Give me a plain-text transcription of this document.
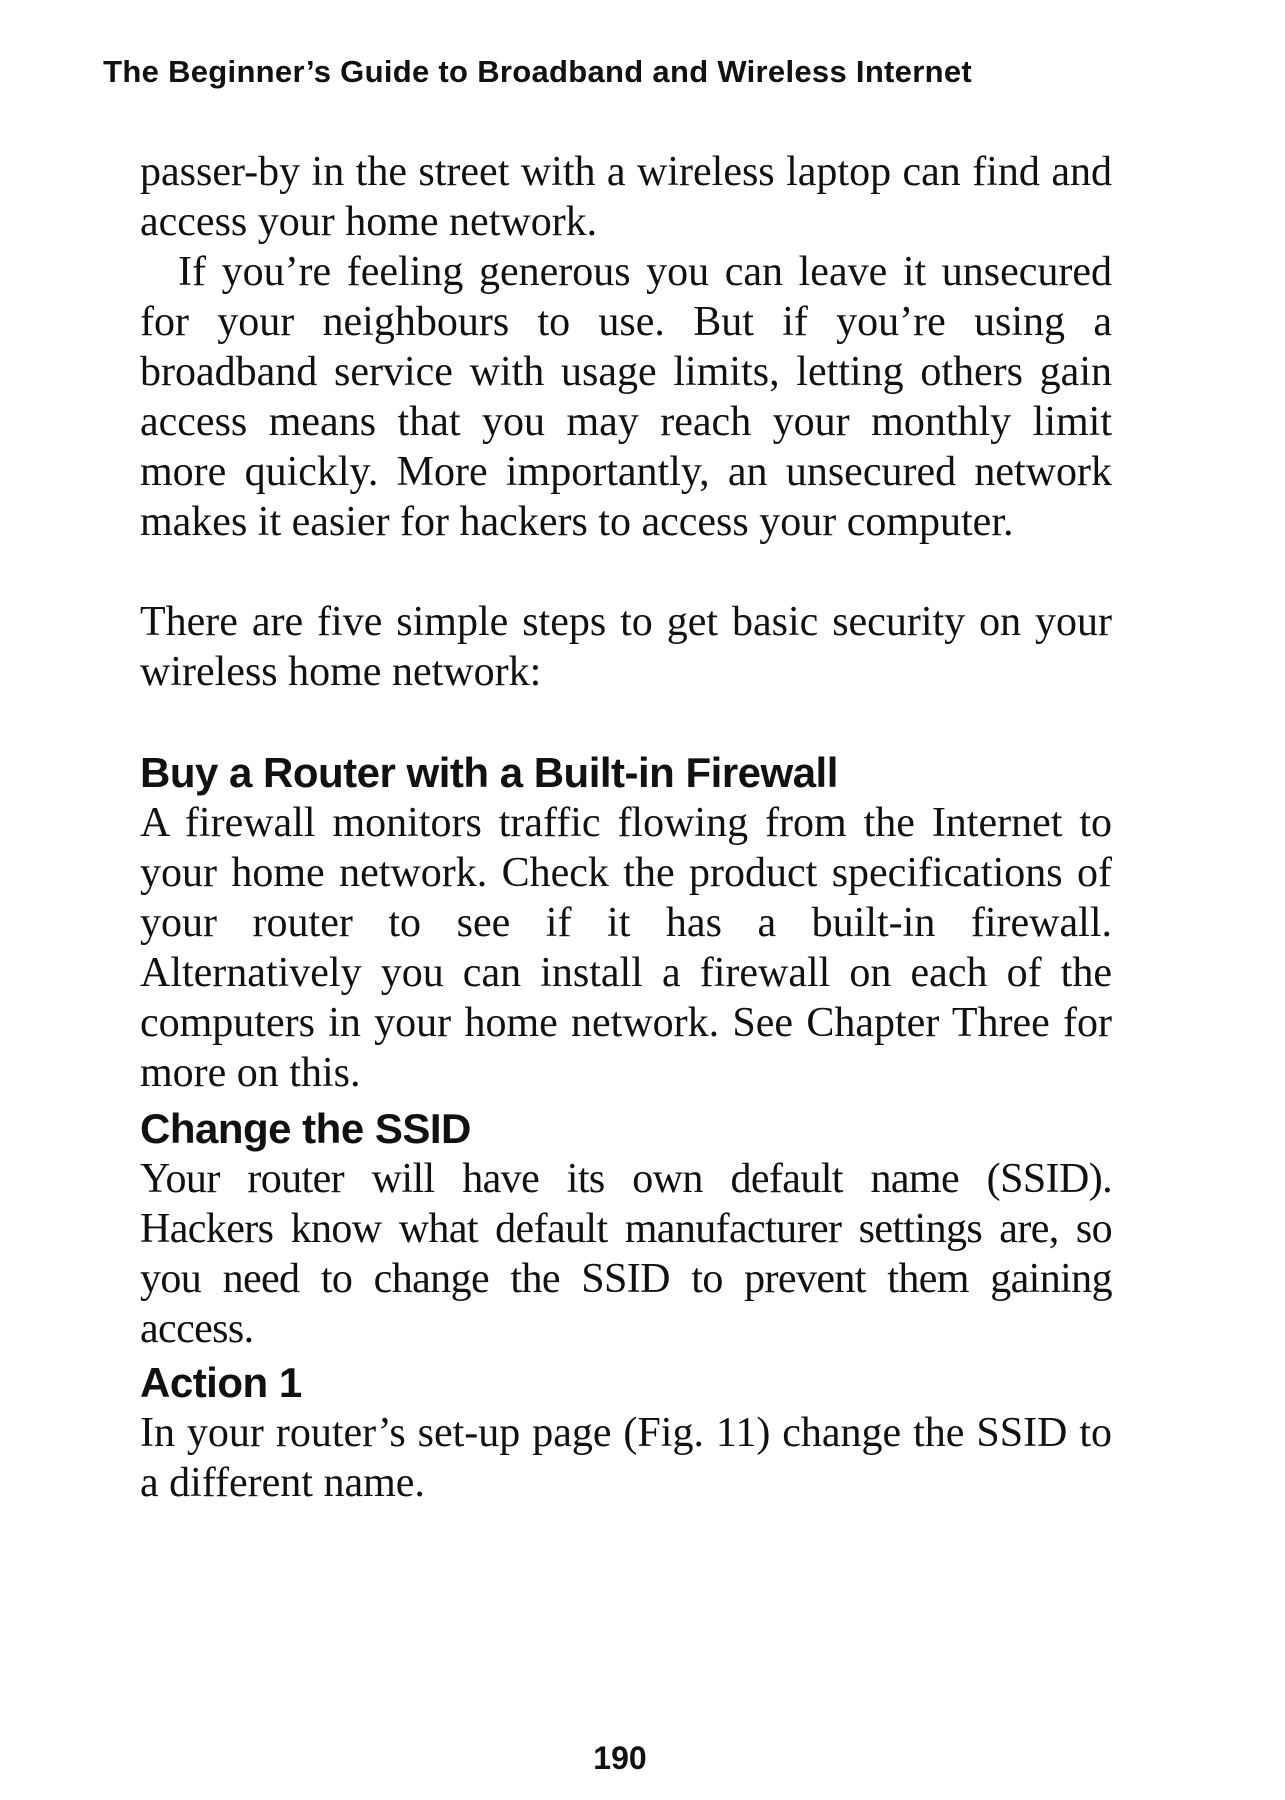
The Beginner’s Guide to Broadband and Wireless Internet

passer-by in the street with a wireless laptop can find and access your home network.

If you’re feeling generous you can leave it unsecured for your neighbours to use. But if you’re using a broadband service with usage limits, letting others gain access means that you may reach your monthly limit more quickly. More importantly, an unsecured network makes it easier for hackers to access your computer.

There are five simple steps to get basic security on your wireless home network:

Buy a Router with a Built-in Firewall

A firewall monitors traffic flowing from the Internet to your home network. Check the product specifications of your router to see if it has a built-in firewall. Alternatively you can install a firewall on each of the computers in your home network. See Chapter Three for more on this.

Change the SSID

Your router will have its own default name (SSID). Hackers know what default manufacturer settings are, so you need to change the SSID to prevent them gaining access.

Action 1

In your router’s set-up page (Fig. 11) change the SSID to a different name.

190
